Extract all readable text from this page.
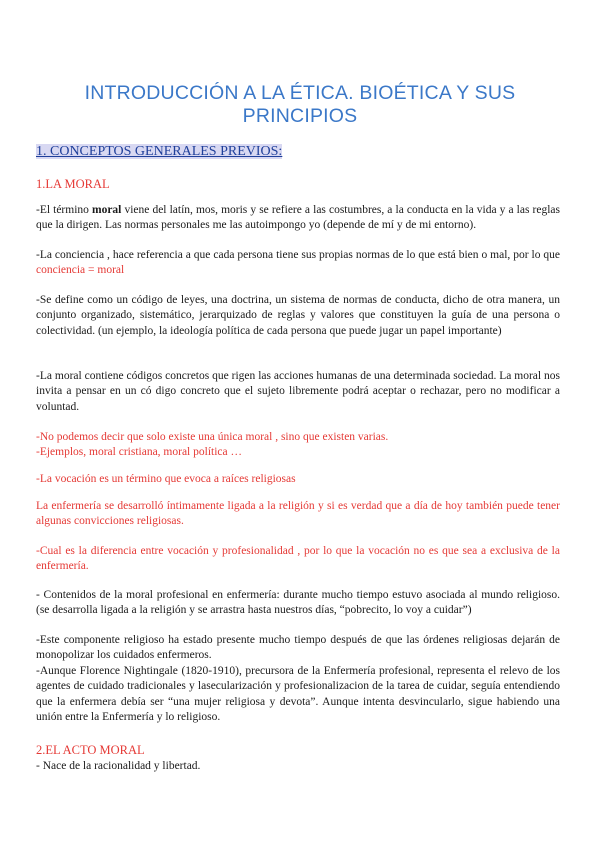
INTRODUCCIÓN A LA ÉTICA. BIOÉTICA Y SUS
PRINCIPIOS
1. CONCEPTOS GENERALES PREVIOS:
1.LA MORAL
-El término moral viene del latín, mos, moris y se refiere a las costumbres, a la conducta en la vida y a las reglas que la dirigen. Las normas personales me las autoimpongo yo (depende de mí y de mi entorno).
-La conciencia , hace referencia a que cada persona tiene sus propias normas de lo que está bien o mal, por lo que conciencia = moral
-Se define como un código de leyes, una doctrina, un sistema de normas de conducta, dicho de otra manera, un conjunto organizado, sistemático, jerarquizado de reglas y valores que constituyen la guía de una persona o colectividad. (un ejemplo, la ideología política de cada persona que puede jugar un papel importante)
-La moral contiene códigos concretos que rigen las acciones humanas de una determinada sociedad. La moral nos invita a pensar en un có digo concreto que el sujeto libremente podrá aceptar o rechazar, pero no modificar a voluntad.
-No podemos decir que solo existe una única moral , sino que existen varias.
-Ejemplos, moral cristiana, moral política …
-La vocación es un término que evoca a raíces religiosas
La enfermería se desarrolló íntimamente ligada a la religión y si es verdad que a día de hoy también puede tener algunas convicciones religiosas.
-Cual es la diferencia entre vocación y profesionalidad , por lo que la vocación no es que sea a exclusiva de la enfermería.
- Contenidos de la moral profesional en enfermería: durante mucho tiempo estuvo asociada al mundo religioso. (se desarrolla ligada a la religión y se arrastra hasta nuestros días, “pobrecito, lo voy a cuidar”)
-Este componente religioso ha estado presente mucho tiempo después de que las órdenes religiosas dejarán de monopolizar los cuidados enfermeros.
-Aunque Florence Nightingale (1820-1910), precursora de la Enfermería profesional, representa el relevo de los agentes de cuidado tradicionales y lasecularización y profesionalizacion de la tarea de cuidar, seguía entendiendo que la enfermera debía ser “una mujer religiosa y devota”. Aunque intenta desvincularlo, sigue habiendo una unión entre la Enfermería y lo religioso.
2.EL ACTO MORAL
- Nace de la racionalidad y libertad.
